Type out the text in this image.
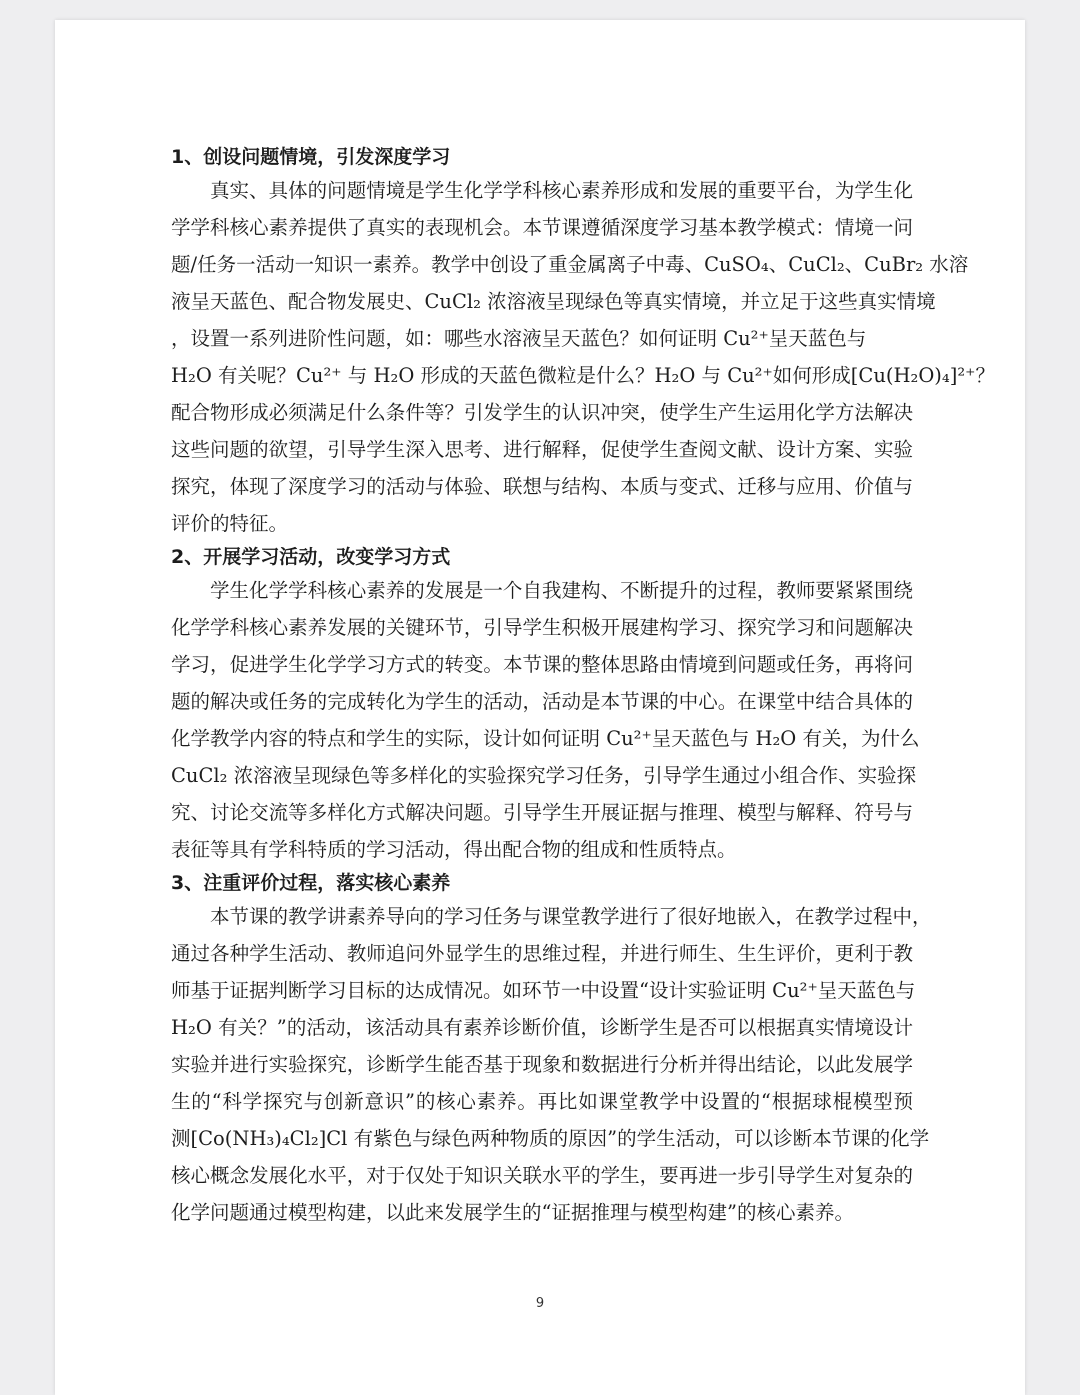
1、创设问题情境，引发深度学习

真实、具体的问题情境是学生化学学科核心素养形成和发展的重要平台，为学生化

学学科核心素养提供了真实的表现机会。本节课遵循深度学习基本教学模式：情境一问

题/任务一活动一知识一素养。教学中创设了重金属离子中毒、CuSO₄、CuCl₂、CuBr₂ 水溶

液呈天蓝色、配合物发展史、CuCl₂ 浓溶液呈现绿色等真实情境，并立足于这些真实情境

，设置一系列进阶性问题，如：哪些水溶液呈天蓝色？如何证明 Cu²⁺呈天蓝色与

H₂O 有关呢？Cu²⁺ 与 H₂O 形成的天蓝色微粒是什么？H₂O 与 Cu²⁺如何形成[Cu(H₂O)₄]²⁺？

配合物形成必须满足什么条件等？引发学生的认识冲突，使学生产生运用化学方法解决

这些问题的欲望，引导学生深入思考、进行解释，促使学生查阅文献、设计方案、实验

探究，体现了深度学习的活动与体验、联想与结构、本质与变式、迁移与应用、价值与

评价的特征。

2、开展学习活动，改变学习方式

学生化学学科核心素养的发展是一个自我建构、不断提升的过程，教师要紧紧围绕

化学学科核心素养发展的关键环节，引导学生积极开展建构学习、探究学习和问题解决

学习，促进学生化学学习方式的转变。本节课的整体思路由情境到问题或任务，再将问

题的解决或任务的完成转化为学生的活动，活动是本节课的中心。在课堂中结合具体的

化学教学内容的特点和学生的实际，设计如何证明 Cu²⁺呈天蓝色与 H₂O 有关，为什么

CuCl₂ 浓溶液呈现绿色等多样化的实验探究学习任务，引导学生通过小组合作、实验探

究、讨论交流等多样化方式解决问题。引导学生开展证据与推理、模型与解释、符号与

表征等具有学科特质的学习活动，得出配合物的组成和性质特点。

3、注重评价过程，落实核心素养

本节课的教学讲素养导向的学习任务与课堂教学进行了很好地嵌入，在教学过程中，

通过各种学生活动、教师追问外显学生的思维过程，并进行师生、生生评价，更利于教

师基于证据判断学习目标的达成情况。如环节一中设置“设计实验证明 Cu²⁺呈天蓝色与

H₂O 有关？”的活动，该活动具有素养诊断价值，诊断学生是否可以根据真实情境设计

实验并进行实验探究，诊断学生能否基于现象和数据进行分析并得出结论，以此发展学

生的“科学探究与创新意识”的核心素养。再比如课堂教学中设置的“根据球棍模型预

测[Co(NH₃)₄Cl₂]Cl 有紫色与绿色两种物质的原因”的学生活动，可以诊断本节课的化学

核心概念发展化水平，对于仅处于知识关联水平的学生，要再进一步引导学生对复杂的

化学问题通过模型构建，以此来发展学生的“证据推理与模型构建”的核心素养。

9
